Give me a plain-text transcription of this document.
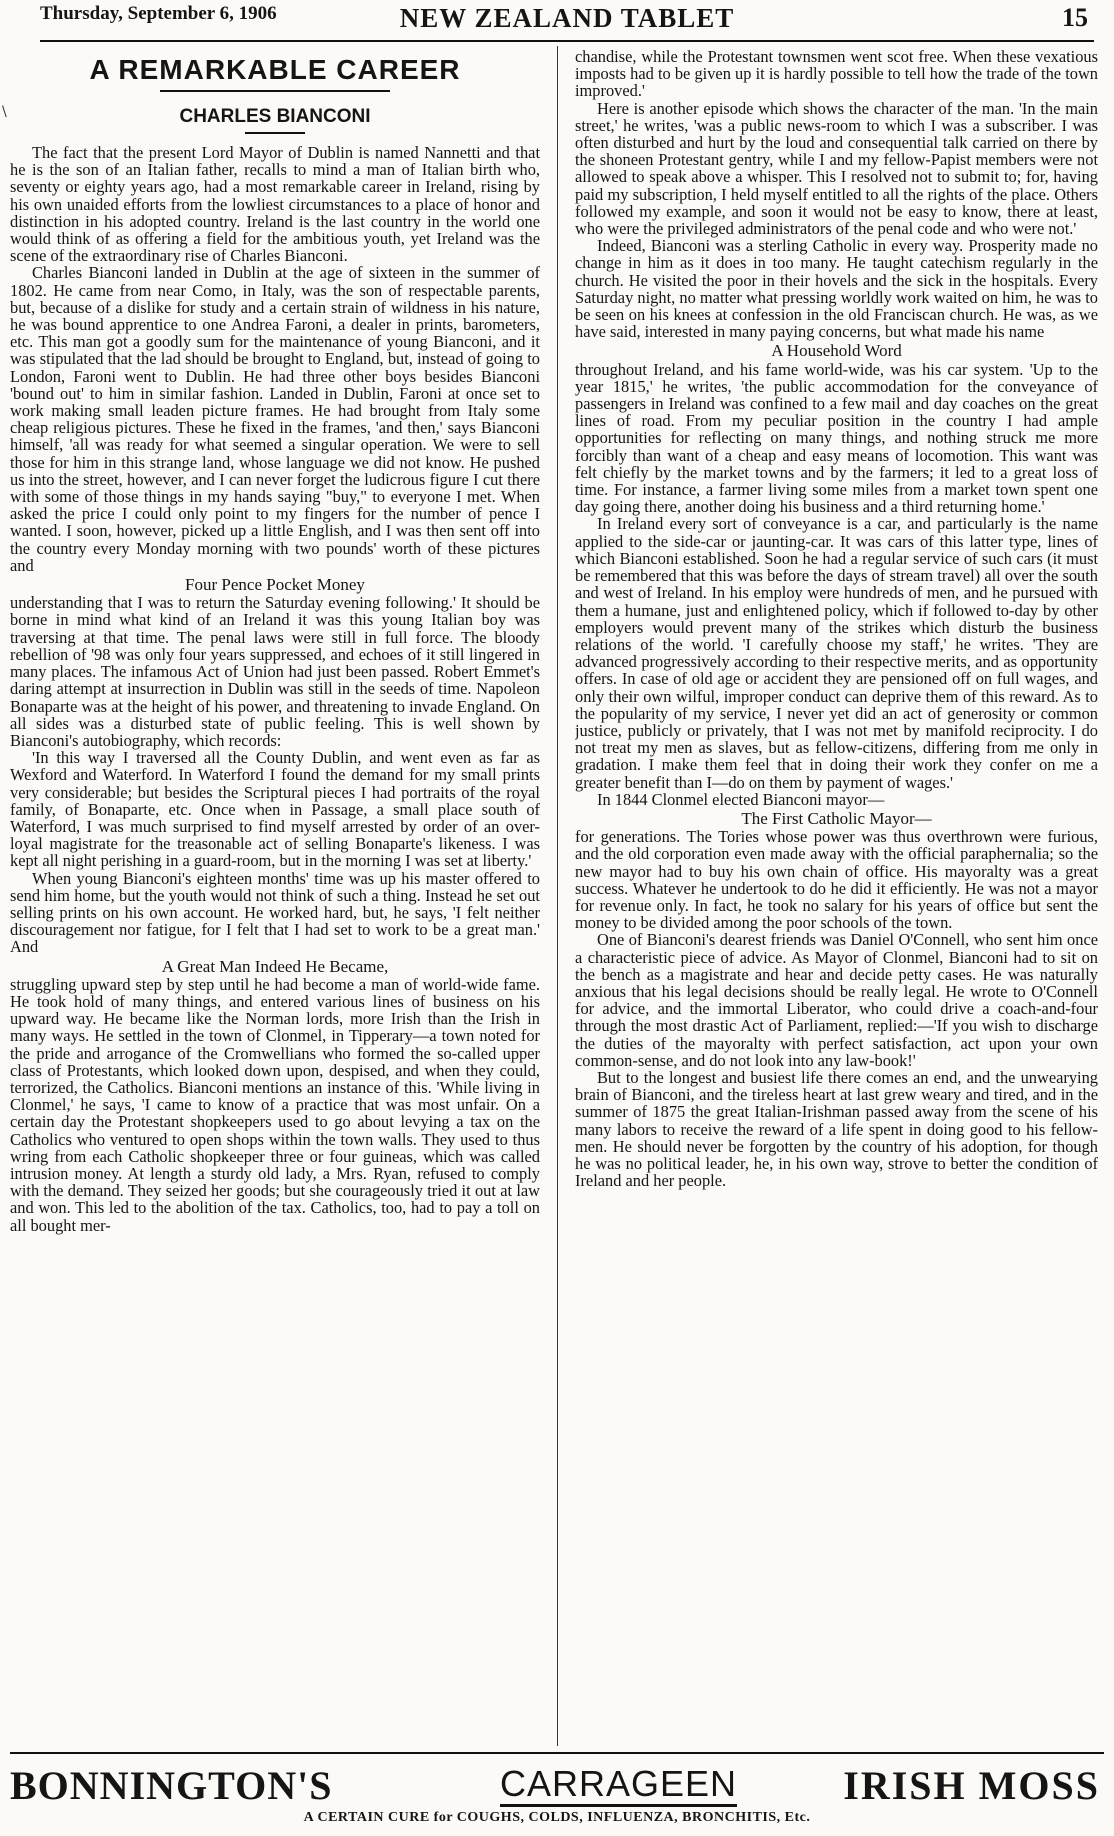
Thursday, September 6, 1906	NEW ZEALAND TABLET	15
\
A REMARKABLE CAREER
CHARLES BIANCONI

The fact that the present Lord Mayor of Dublin is named Nannetti and that he is the son of an Italian father, recalls to mind a man of Italian birth who, seventy or eighty years ago, had a most remarkable career in Ireland, rising by his own unaided efforts from the lowliest circumstances to a place of honor and distinction in his adopted country. Ireland is the last country in the world one would think of as offering a field for the ambitious youth, yet Ireland was the scene of the extraordinary rise of Charles Bianconi.

Charles Bianconi landed in Dublin at the age of sixteen in the summer of 1802. He came from near Como, in Italy, was the son of respectable parents, but, because of a dislike for study and a certain strain of wildness in his nature, he was bound apprentice to one Andrea Faroni, a dealer in prints, barometers, etc. This man got a goodly sum for the maintenance of young Bianconi, and it was stipulated that the lad should be brought to England, but, instead of going to London, Faroni went to Dublin. He had three other boys besides Bianconi 'bound out' to him in similar fashion. Landed in Dublin, Faroni at once set to work making small leaden picture frames. He had brought from Italy some cheap religious pictures. These he fixed in the frames, 'and then,' says Bianconi himself, 'all was ready for what seemed a singular operation. We were to sell those for him in this strange land, whose language we did not know. He pushed us into the street, however, and I can never forget the ludicrous figure I cut there with some of those things in my hands saying "buy," to everyone I met. When asked the price I could only point to my fingers for the number of pence I wanted. I soon, however, picked up a little English, and I was then sent off into the country every Monday morning with two pounds' worth of these pictures and

Four Pence Pocket Money

understanding that I was to return the Saturday evening following.' It should be borne in mind what kind of an Ireland it was this young Italian boy was traversing at that time. The penal laws were still in full force. The bloody rebellion of '98 was only four years suppressed, and echoes of it still lingered in many places. The infamous Act of Union had just been passed. Robert Emmet's daring attempt at insurrection in Dublin was still in the seeds of time. Napoleon Bonaparte was at the height of his power, and threatening to invade England. On all sides was a disturbed state of public feeling. This is well shown by Bianconi's autobiography, which records:

'In this way I traversed all the County Dublin, and went even as far as Wexford and Waterford. In Waterford I found the demand for my small prints very considerable; but besides the Scriptural pieces I had portraits of the royal family, of Bonaparte, etc. Once when in Passage, a small place south of Waterford, I was much surprised to find myself arrested by order of an over-loyal magistrate for the treasonable act of selling Bonaparte's likeness. I was kept all night perishing in a guard-room, but in the morning I was set at liberty.'

When young Bianconi's eighteen months' time was up his master offered to send him home, but the youth would not think of such a thing. Instead he set out selling prints on his own account. He worked hard, but, he says, 'I felt neither discouragement nor fatigue, for I felt that I had set to work to be a great man.' And

A Great Man Indeed He Became,

struggling upward step by step until he had become a man of world-wide fame. He took hold of many things, and entered various lines of business on his upward way. He became like the Norman lords, more Irish than the Irish in many ways. He settled in the town of Clonmel, in Tipperary—a town noted for the pride and arrogance of the Cromwellians who formed the so-called upper class of Protestants, which looked down upon, despised, and when they could, terrorized, the Catholics. Bianconi mentions an instance of this. 'While living in Clonmel,' he says, 'I came to know of a practice that was most unfair. On a certain day the Protestant shopkeepers used to go about levying a tax on the Catholics who ventured to open shops within the town walls. They used to thus wring from each Catholic shopkeeper three or four guineas, which was called intrusion money. At length a sturdy old lady, a Mrs. Ryan, refused to comply with the demand. They seized her goods; but she courageously tried it out at law and won. This led to the abolition of the tax. Catholics, too, had to pay a toll on all bought mer-

chandise, while the Protestant townsmen went scot free. When these vexatious imposts had to be given up it is hardly possible to tell how the trade of the town improved.'

Here is another episode which shows the character of the man. 'In the main street,' he writes, 'was a public news-room to which I was a subscriber. I was often disturbed and hurt by the loud and consequential talk carried on there by the shoneen Protestant gentry, while I and my fellow-Papist members were not allowed to speak above a whisper. This I resolved not to submit to; for, having paid my subscription, I held myself entitled to all the rights of the place. Others followed my example, and soon it would not be easy to know, there at least, who were the privileged administrators of the penal code and who were not.'

Indeed, Bianconi was a sterling Catholic in every way. Prosperity made no change in him as it does in too many. He taught catechism regularly in the church. He visited the poor in their hovels and the sick in the hospitals. Every Saturday night, no matter what pressing worldly work waited on him, he was to be seen on his knees at confession in the old Franciscan church. He was, as we have said, interested in many paying concerns, but what made his name

A Household Word

throughout Ireland, and his fame world-wide, was his car system. 'Up to the year 1815,' he writes, 'the public accommodation for the conveyance of passengers in Ireland was confined to a few mail and day coaches on the great lines of road. From my peculiar position in the country I had ample opportunities for reflecting on many things, and nothing struck me more forcibly than want of a cheap and easy means of locomotion. This want was felt chiefly by the market towns and by the farmers; it led to a great loss of time. For instance, a farmer living some miles from a market town spent one day going there, another doing his business and a third returning home.'

In Ireland every sort of conveyance is a car, and particularly is the name applied to the side-car or jaunting-car. It was cars of this latter type, lines of which Bianconi established. Soon he had a regular service of such cars (it must be remembered that this was before the days of stream travel) all over the south and west of Ireland. In his employ were hundreds of men, and he pursued with them a humane, just and enlightened policy, which if followed to-day by other employers would prevent many of the strikes which disturb the business relations of the world. 'I carefully choose my staff,' he writes. 'They are advanced progressively according to their respective merits, and as opportunity offers. In case of old age or accident they are pensioned off on full wages, and only their own wilful, improper conduct can deprive them of this reward. As to the popularity of my service, I never yet did an act of generosity or common justice, publicly or privately, that I was not met by manifold reciprocity. I do not treat my men as slaves, but as fellow-citizens, differing from me only in gradation. I make them feel that in doing their work they confer on me a greater benefit than I—do on them by payment of wages.'

In 1844 Clonmel elected Bianconi mayor—

The First Catholic Mayor—

for generations. The Tories whose power was thus overthrown were furious, and the old corporation even made away with the official paraphernalia; so the new mayor had to buy his own chain of office. His mayoralty was a great success. Whatever he undertook to do he did it efficiently. He was not a mayor for revenue only. In fact, he took no salary for his years of office but sent the money to be divided among the poor schools of the town.

One of Bianconi's dearest friends was Daniel O'Connell, who sent him once a characteristic piece of advice. As Mayor of Clonmel, Bianconi had to sit on the bench as a magistrate and hear and decide petty cases. He was naturally anxious that his legal decisions should be really legal. He wrote to O'Connell for advice, and the immortal Liberator, who could drive a coach-and-four through the most drastic Act of Parliament, replied:—'If you wish to discharge the duties of the mayoralty with perfect satisfaction, act upon your own common-sense, and do not look into any law-book!'

But to the longest and busiest life there comes an end, and the unwearying brain of Bianconi, and the tireless heart at last grew weary and tired, and in the summer of 1875 the great Italian-Irishman passed away from the scene of his many labors to receive the reward of a life spent in doing good to his fellow-men. He should never be forgotten by the country of his adoption, for though he was no political leader, he, in his own way, strove to better the condition of Ireland and her people.

BONNINGTON'S	CARRAGEEN	IRISH MOSS
A CERTAIN CURE for COUGHS, COLDS, INFLUENZA, BRONCHITIS, Etc.
